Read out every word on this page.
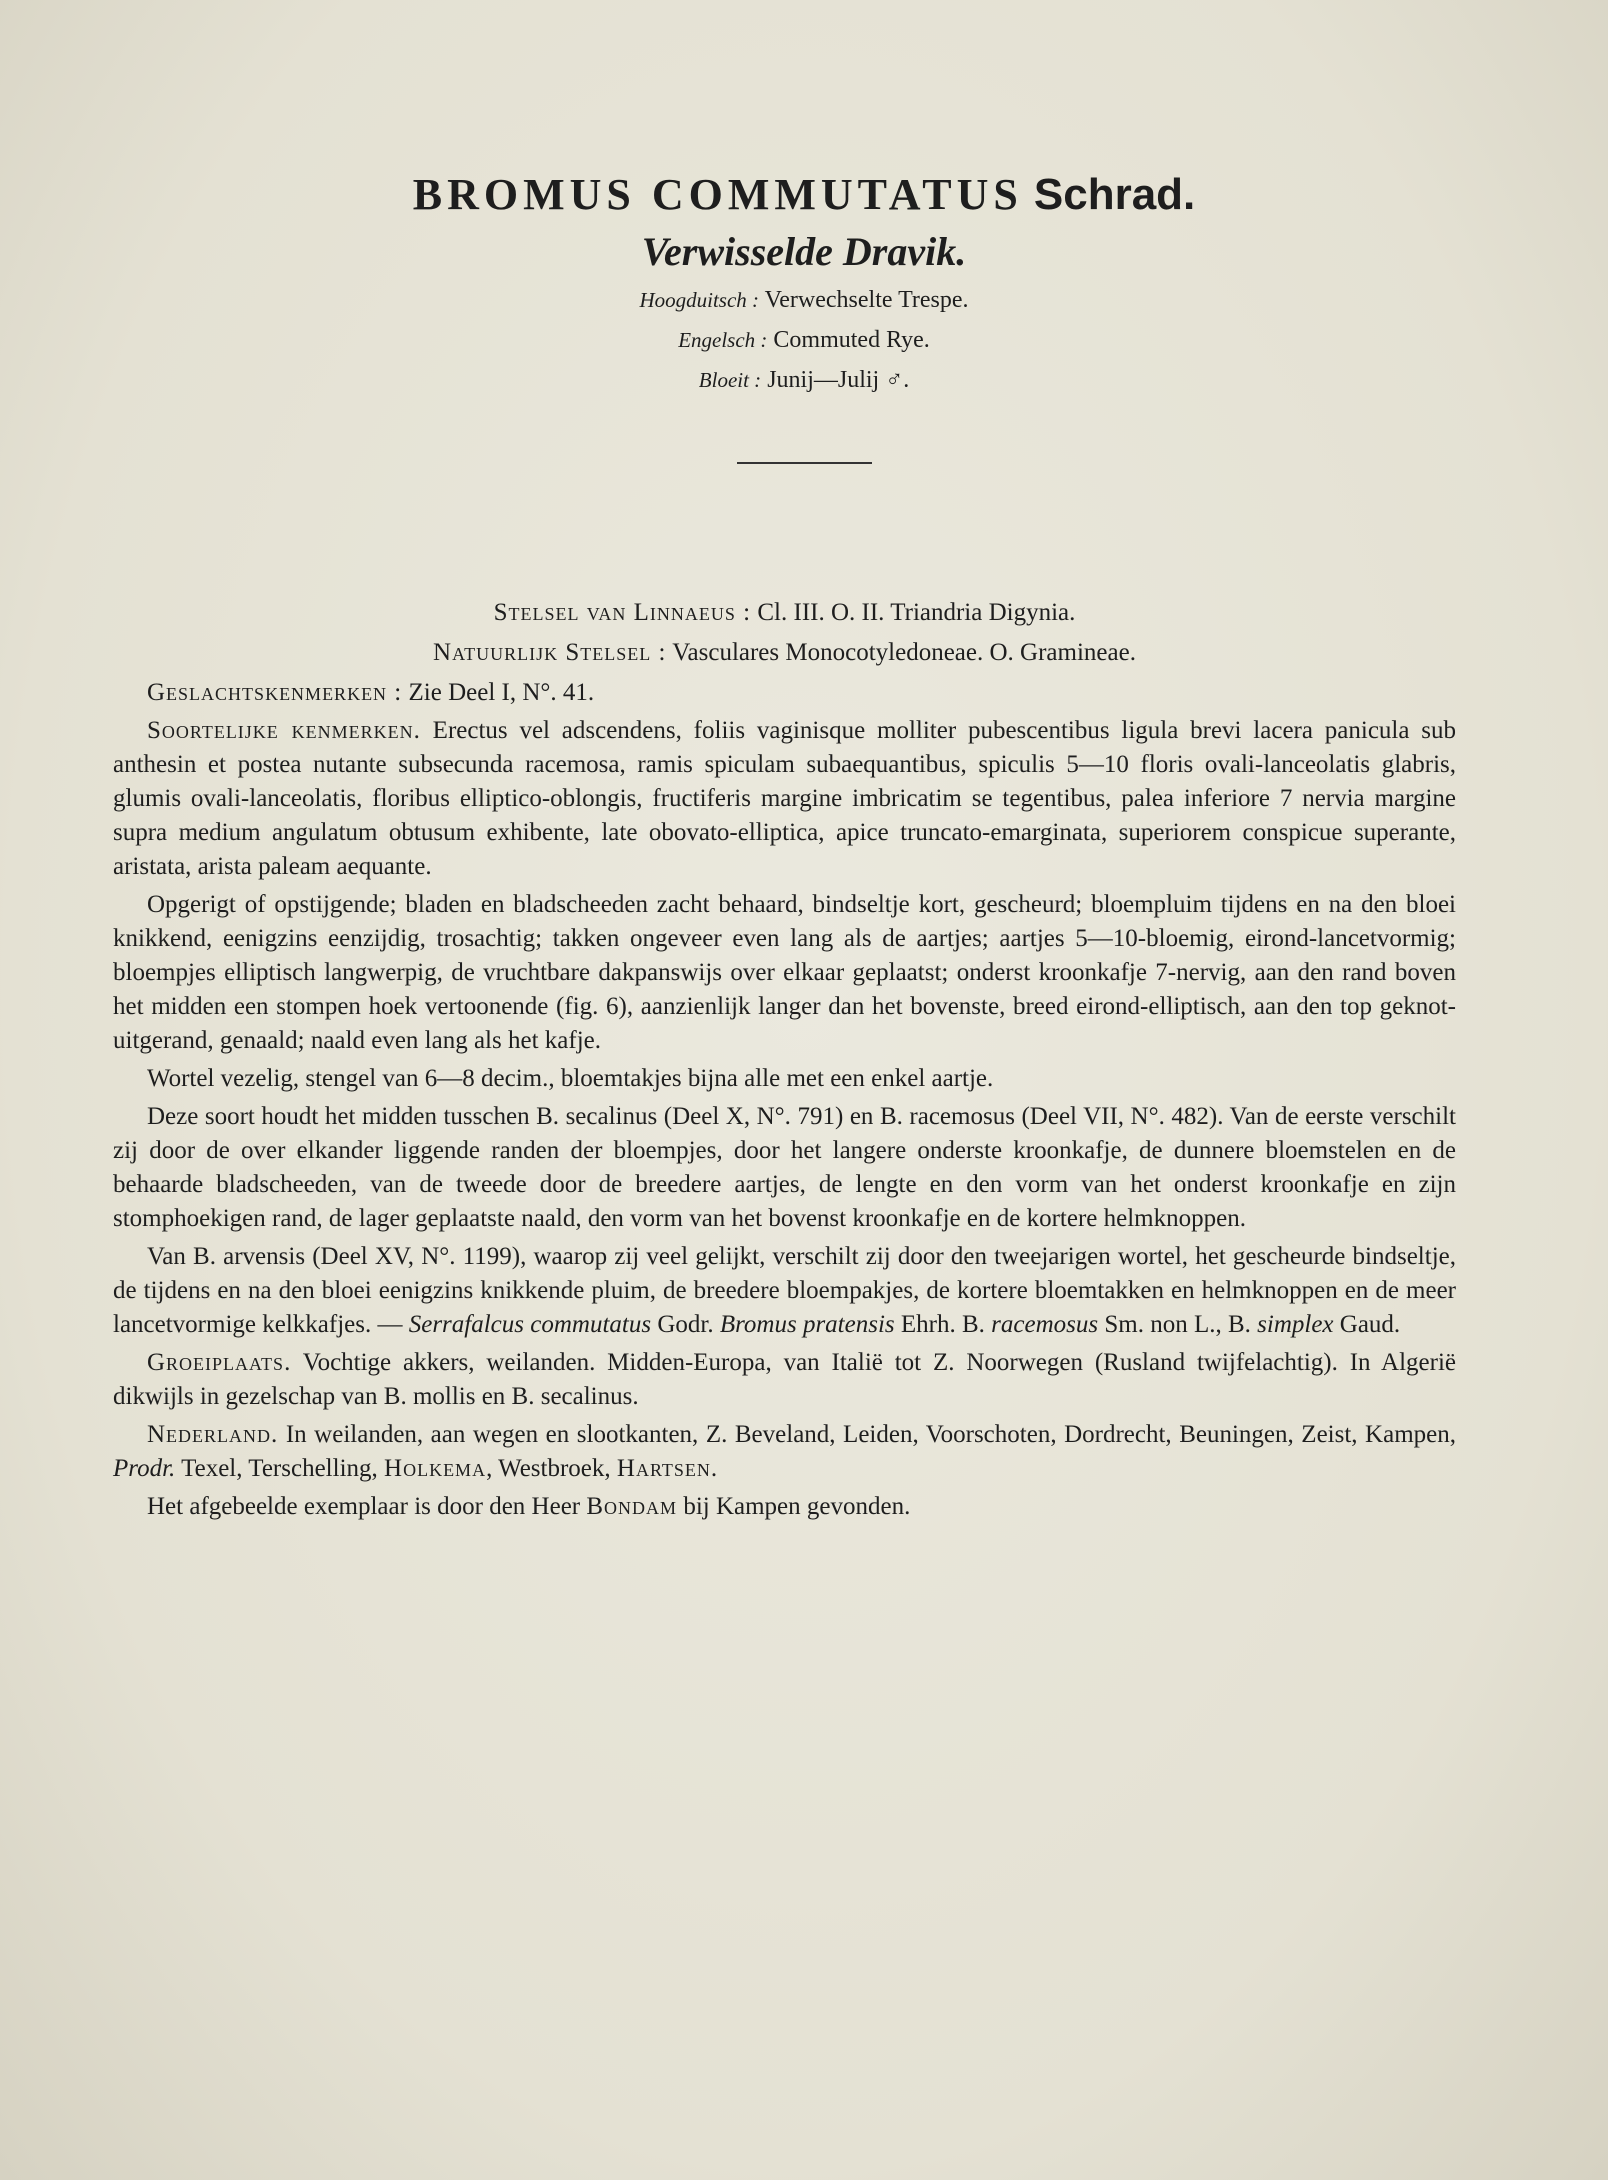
BROMUS COMMUTATUS Schrad.
Verwisselde Dravik.
Hoogduitsch : Verwechselte Trespe.
Engelsch : Commuted Rye.
Bloeit : Junij—Julij ♂.
Stelsel van Linnaeus : Cl. III. O. II. Triandria Digynia.
Natuurlijk Stelsel : Vasculares Monocotyledoneae. O. Gramineae.

Geslachtskenmerken : Zie Deel I, N°. 41.

Soortelijke kenmerken. Erectus vel adscendens, foliis vaginisque molliter pubescentibus ligula brevi lacera panicula sub anthesin et postea nutante subsecunda racemosa, ramis spiculam subaequantibus, spiculis 5—10 floris ovali-lanceolatis glabris, glumis ovali-lanceolatis, floribus elliptico-oblongis, fructiferis margine imbricatim se tegentibus, palea inferiore 7 nervia margine supra medium angulatum obtusum exhibente, late obovato-elliptica, apice truncato-emarginata, superiorem conspicue superante, aristata, arista paleam aequante.

Opgerigt of opstijgende; bladen en bladscheeden zacht behaard, bindseltje kort, gescheurd; bloempluim tijdens en na den bloei knikkend, eenigzins eenzijdig, trosachtig; takken ongeveer even lang als de aartjes; aartjes 5—10-bloemig, eirond-lancetvormig; bloempjes elliptisch langwerpig, de vruchtbare dakpanswijs over elkaar geplaatst; onderst kroonkafje 7-nervig, aan den rand boven het midden een stompen hoek vertoonende (fig. 6), aanzienlijk langer dan het bovenste, breed eirond-elliptisch, aan den top geknot-uitgerand, genaald; naald even lang als het kafje.

Wortel vezelig, stengel van 6—8 decim., bloemtakjes bijna alle met een enkel aartje.

Deze soort houdt het midden tusschen B. secalinus (Deel X, N°. 791) en B. racemosus (Deel VII, N°. 482). Van de eerste verschilt zij door de over elkander liggende randen der bloempjes, door het langere onderste kroonkafje, de dunnere bloemstelen en de behaarde bladscheeden, van de tweede door de breedere aartjes, de lengte en den vorm van het onderst kroonkafje en zijn stomphoekigen rand, de lager geplaatste naald, den vorm van het bovenst kroonkafje en de kortere helmknoppen.

Van B. arvensis (Deel XV, N°. 1199), waarop zij veel gelijkt, verschilt zij door den tweejarigen wortel, het gescheurde bindseltje, de tijdens en na den bloei eenigzins knikkende pluim, de breedere bloempakjes, de kortere bloemtakken en helmknoppen en de meer lancetvormige kelkkafjes. — Serrafalcus commutatus Godr. Bromus pratensis Ehrh. B. racemosus Sm. non L., B. simplex Gaud.

Groeiplaats. Vochtige akkers, weilanden. Midden-Europa, van Italië tot Z. Noorwegen (Rusland twijfelachtig). In Algerië dikwijls in gezelschap van B. mollis en B. secalinus.

Nederland. In weilanden, aan wegen en slootkanten, Z. Beveland, Leiden, Voorschoten, Dordrecht, Beuningen, Zeist, Kampen, Prodr. Texel, Terschelling, Holkema, Westbroek, Hartsen.

Het afgebeelde exemplaar is door den Heer Bondam bij Kampen gevonden.
